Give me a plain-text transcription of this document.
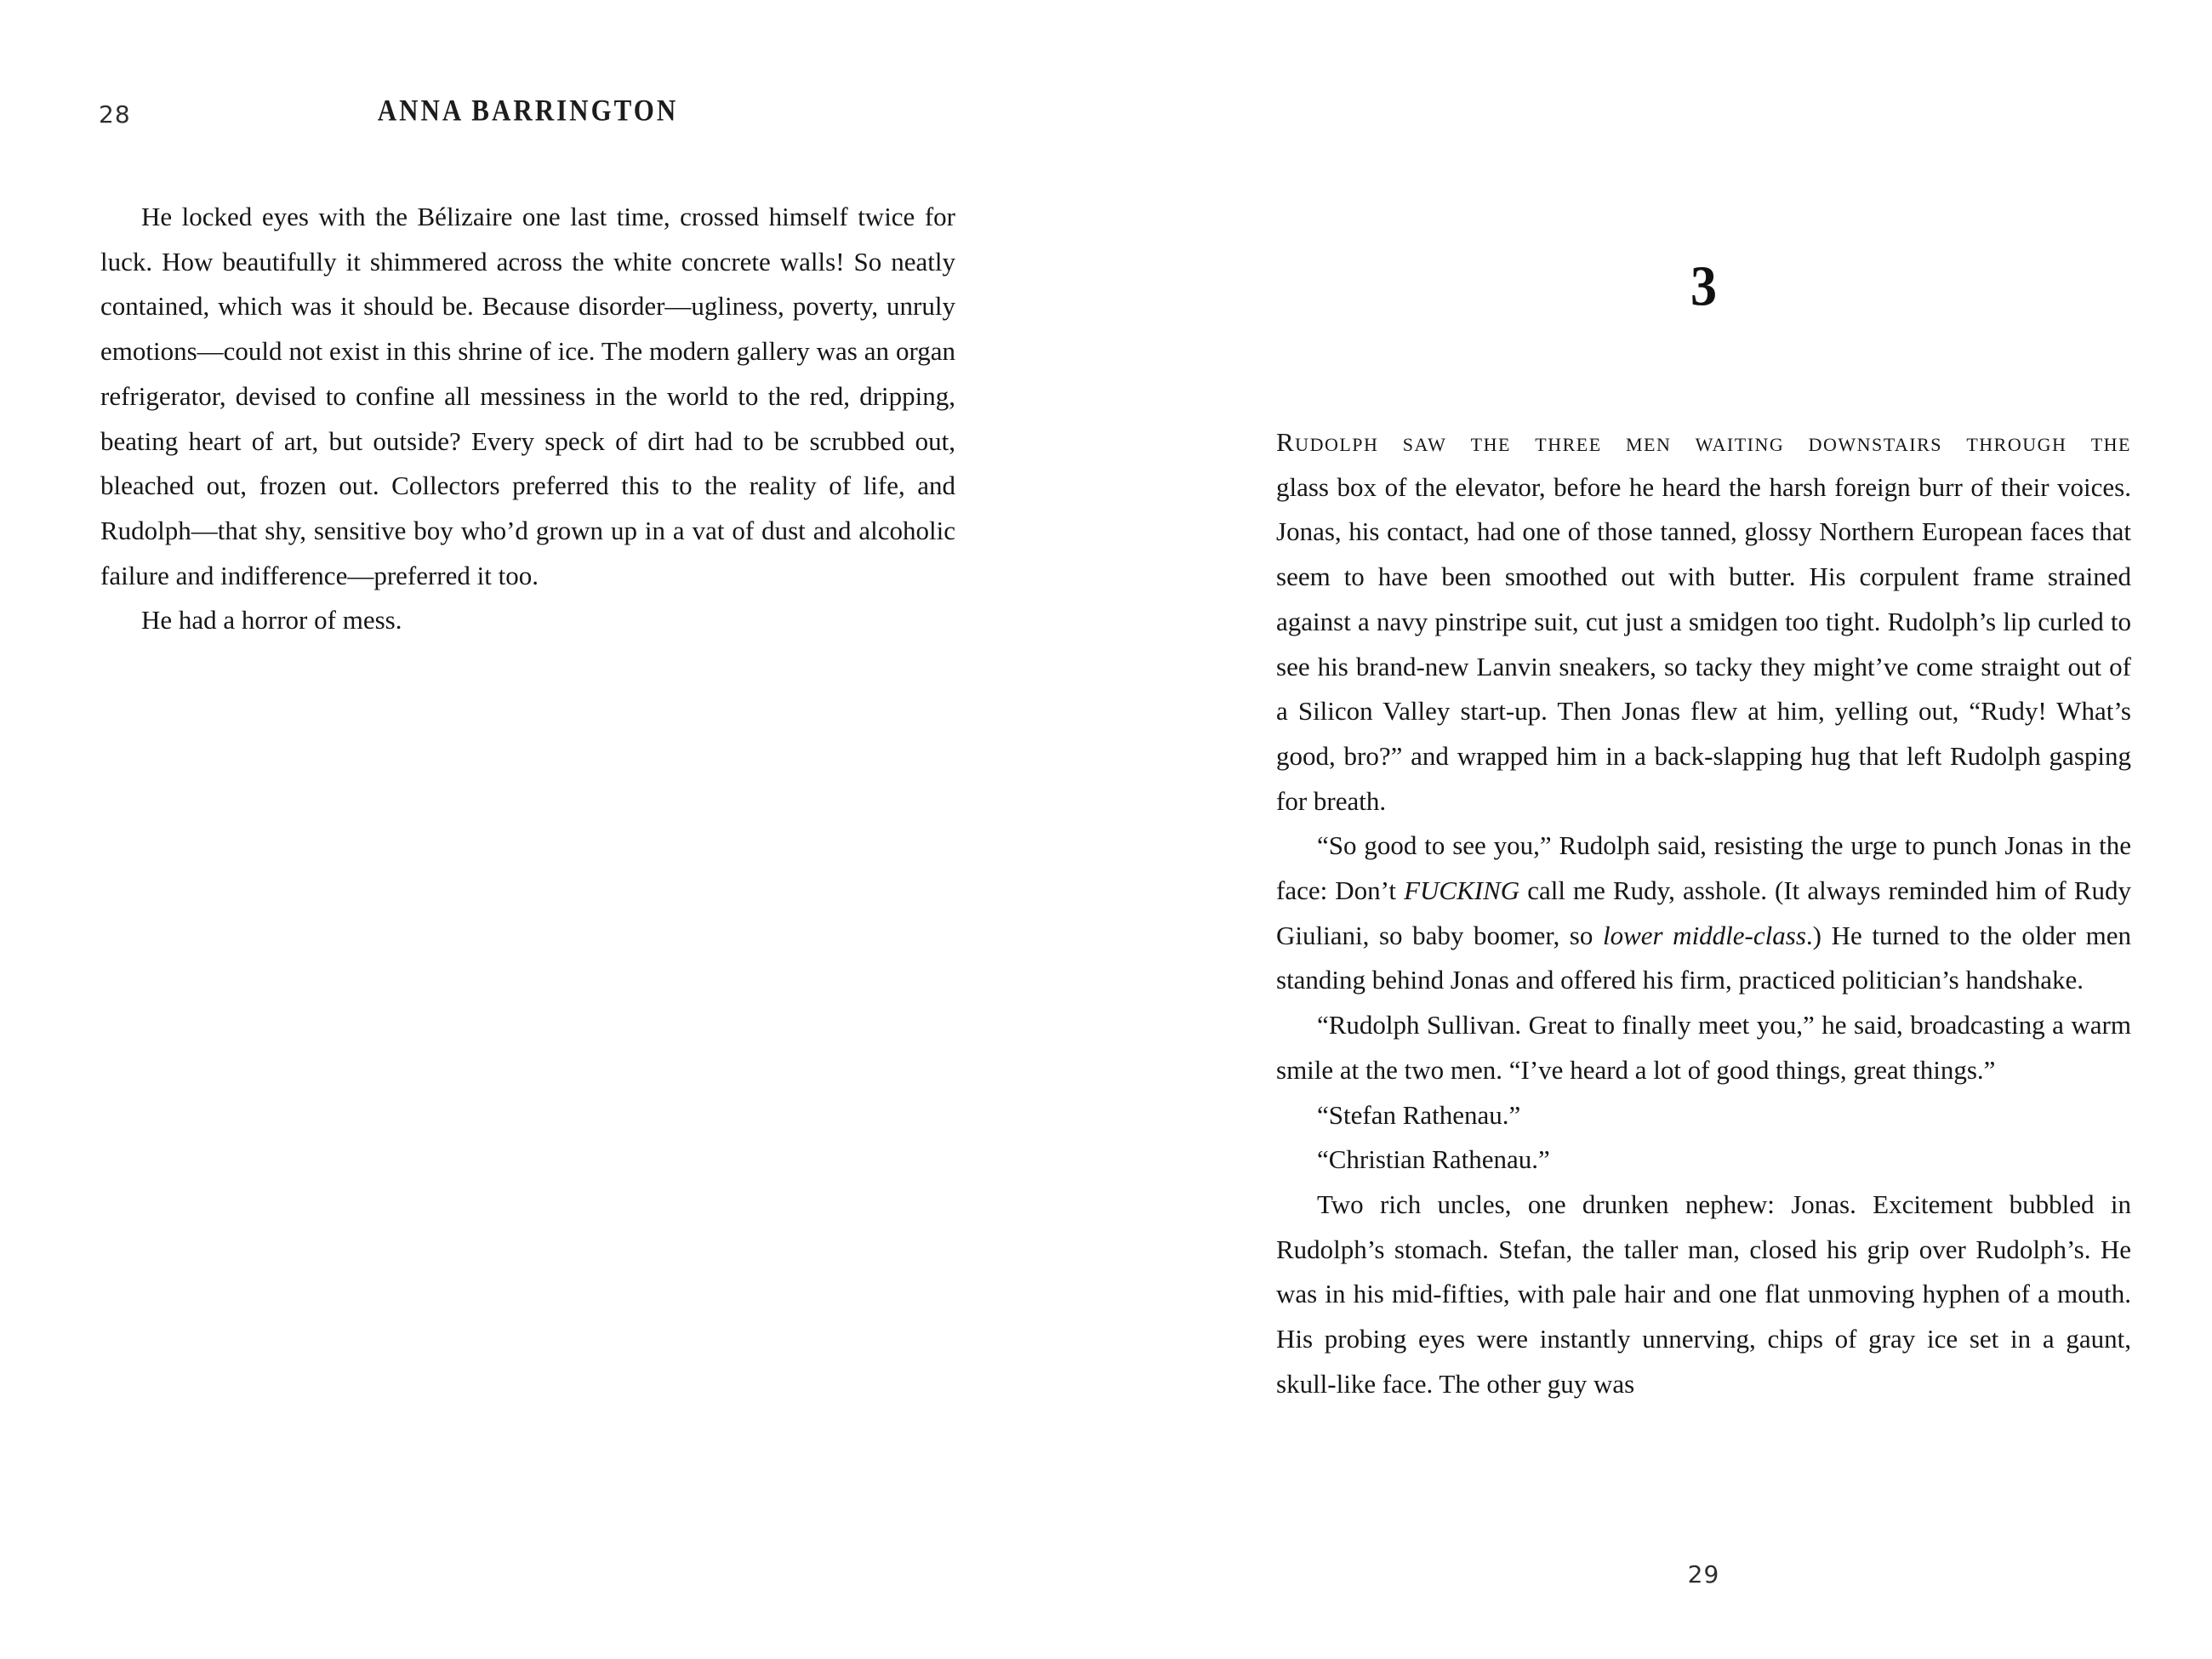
28	ANNA BARRINGTON

He locked eyes with the Bélizaire one last time, crossed himself twice for luck. How beautifully it shimmered across the white concrete walls! So neatly contained, which was it should be. Because disorder—ugliness, poverty, unruly emotions—could not exist in this shrine of ice. The modern gallery was an organ refrigerator, devised to confine all messiness in the world to the red, dripping, beating heart of art, but outside? Every speck of dirt had to be scrubbed out, bleached out, frozen out. Collectors preferred this to the reality of life, and Rudolph—that shy, sensitive boy who’d grown up in a vat of dust and alcoholic failure and indifference—preferred it too.

He had a horror of mess.

3

Rudolph saw the three men waiting downstairs through the
glass box of the elevator, before he heard the harsh foreign burr of their voices. Jonas, his contact, had one of those tanned, glossy Northern European faces that seem to have been smoothed out with butter. His corpulent frame strained against a navy pinstripe suit, cut just a smidgen too tight. Rudolph’s lip curled to see his brand-new Lanvin sneakers, so tacky they might’ve come straight out of a Silicon Valley start-up. Then Jonas flew at him, yelling out, “Rudy! What’s good, bro?” and wrapped him in a back-slapping hug that left Rudolph gasping for breath.

“So good to see you,” Rudolph said, resisting the urge to punch Jonas in the face: Don’t FUCKING call me Rudy, asshole. (It always reminded him of Rudy Giuliani, so baby boomer, so lower middle-class.) He turned to the older men standing behind Jonas and offered his firm, practiced politician’s handshake.

“Rudolph Sullivan. Great to finally meet you,” he said, broadcasting a warm smile at the two men. “I’ve heard a lot of good things, great things.”

“Stefan Rathenau.”

“Christian Rathenau.”

Two rich uncles, one drunken nephew: Jonas. Excitement bubbled in Rudolph’s stomach. Stefan, the taller man, closed his grip over Rudolph’s. He was in his mid-fifties, with pale hair and one flat unmoving hyphen of a mouth. His probing eyes were instantly unnerving, chips of gray ice set in a gaunt, skull-like face. The other guy was

29
